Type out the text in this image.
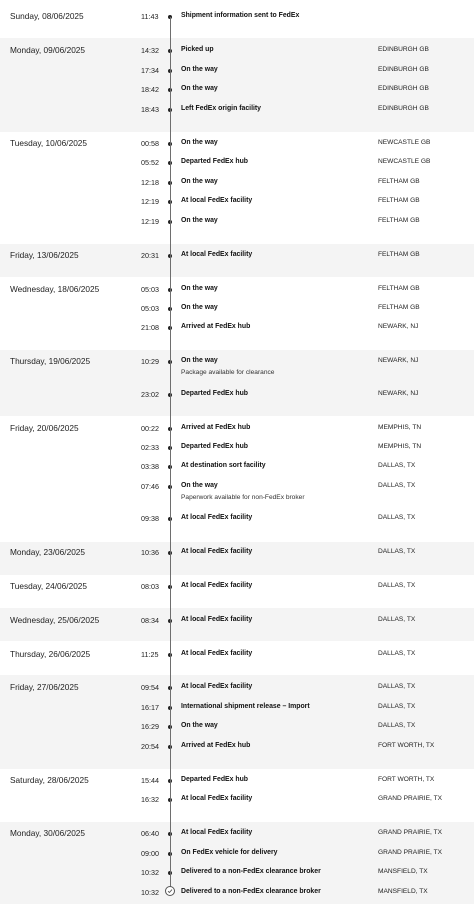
Sunday, 08/06/2025	11:43	Shipment information sent to FedEx
Monday, 09/06/2025	14:32	Picked up	EDINBURGH GB
17:34	On the way	EDINBURGH GB
18:42	On the way	EDINBURGH GB
18:43	Left FedEx origin facility	EDINBURGH GB
Tuesday, 10/06/2025	00:58	On the way	NEWCASTLE GB
05:52	Departed FedEx hub	NEWCASTLE GB
12:18	On the way	FELTHAM GB
12:19	At local FedEx facility	FELTHAM GB
12:19	On the way	FELTHAM GB
Friday, 13/06/2025	20:31	At local FedEx facility	FELTHAM GB
Wednesday, 18/06/2025	05:03	On the way	FELTHAM GB
05:03	On the way	FELTHAM GB
21:08	Arrived at FedEx hub	NEWARK, NJ
Thursday, 19/06/2025	10:29	On the way	NEWARK, NJ
Package available for clearance
23:02	Departed FedEx hub	NEWARK, NJ
Friday, 20/06/2025	00:22	Arrived at FedEx hub	MEMPHIS, TN
02:33	Departed FedEx hub	MEMPHIS, TN
03:38	At destination sort facility	DALLAS, TX
07:46	On the way	DALLAS, TX
Paperwork available for non-FedEx broker
09:38	At local FedEx facility	DALLAS, TX
Monday, 23/06/2025	10:36	At local FedEx facility	DALLAS, TX
Tuesday, 24/06/2025	08:03	At local FedEx facility	DALLAS, TX
Wednesday, 25/06/2025	08:34	At local FedEx facility	DALLAS, TX
Thursday, 26/06/2025	11:25	At local FedEx facility	DALLAS, TX
Friday, 27/06/2025	09:54	At local FedEx facility	DALLAS, TX
16:17	International shipment release – Import	DALLAS, TX
16:29	On the way	DALLAS, TX
20:54	Arrived at FedEx hub	FORT WORTH, TX
Saturday, 28/06/2025	15:44	Departed FedEx hub	FORT WORTH, TX
16:32	At local FedEx facility	GRAND PRAIRIE, TX
Monday, 30/06/2025	06:40	At local FedEx facility	GRAND PRAIRIE, TX
09:00	On FedEx vehicle for delivery	GRAND PRAIRIE, TX
10:32	Delivered to a non-FedEx clearance broker	MANSFIELD, TX
10:32	Delivered to a non-FedEx clearance broker	MANSFIELD, TX
